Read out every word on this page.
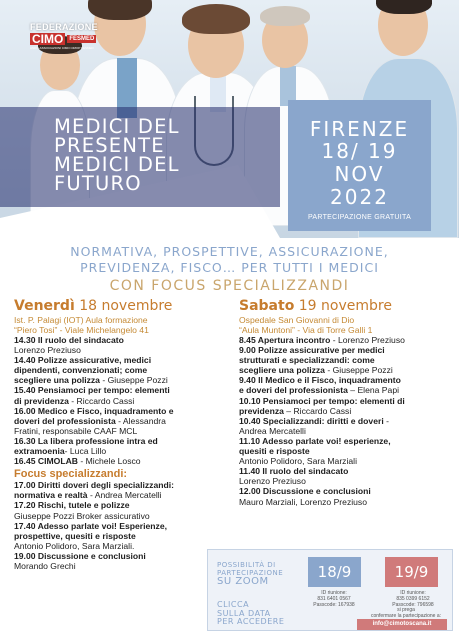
FEDERAZIONE
CIMO	FESMED
ANDO-ASSOCIAZIONI CIMO CIMOP FESMED
MEDICI DEL
PRESENTE
MEDICI DEL
FUTURO
FIRENZE
18/ 19
NOV
2022
PARTECIPAZIONE GRATUITA
NORMATIVA, PROSPETTIVE, ASSICURAZIONE,
PREVIDENZA, FISCO… PER TUTTI I MEDICI
CON FOCUS SPECIALIZZANDI
Venerdì 18 novembre
Ist. P. Palagi (IOT) Aula formazione
“Piero Tosi” - Viale Michelangelo 41
14.30 Il ruolo del sindacato
Lorenzo Preziuso
14.40 Polizze assicurative, medici
dipendenti, convenzionati; come
scegliere una polizza - Giuseppe Pozzi
15.40 Pensiamoci per tempo: elementi
di previdenza - Riccardo Cassi
16.00 Medico e Fisco, inquadramento e
doveri del professionista - Alessandra
Fratini, responsabile CAAF MCL
16.30 La libera professione intra ed
extramoenia- Luca Lillo
16.45 CIMOLAB - Michele Losco
Focus specializzandi:
17.00 Diritti doveri degli specializzandi:
normativa e realtà - Andrea Mercatelli
17.20 Rischi, tutele e polizze
Giuseppe Pozzi Broker assicurativo
17.40 Adesso parlate voi! Esperienze,
prospettive, quesiti e risposte
Antonio Polidoro, Sara Marziali.
19.00 Discussione e conclusioni
Morando Grechi
Sabato 19 novembre
Ospedale San Giovanni di Dio
“Aula Muntoni” - Via di Torre Galli 1
8.45 Apertura incontro - Lorenzo Preziuso
9.00 Polizze assicurative per medici
strutturati e specializzandi: come
scegliere una polizza - Giuseppe Pozzi
9.40 Il Medico e il Fisco, inquadramento
e doveri del professionista – Elena Papi
10.10 Pensiamoci per tempo: elementi di
previdenza – Riccardo Cassi
10.40 Specializzandi: diritti e doveri -
Andrea Mercatelli
11.10 Adesso parlate voi! esperienze,
quesiti e risposte
Antonio Polidoro, Sara Marziali
11.40 Il ruolo del sindacato
Lorenzo Preziuso
12.00 Discussione e conclusioni
Mauro Marziali, Lorenzo Preziuso
POSSIBILITÀ DI
PARTECIPAZIONE
SU ZOOM
CLICCA
SULLA DATA
PER ACCEDERE
18/9	19/9
ID riunione:
831 6401 0567
Passcode: 167938
ID riunione:
835 0399 6152
Passcode: 796598
si prega
confermare la partecipazione a:
info@cimotoscana.it
